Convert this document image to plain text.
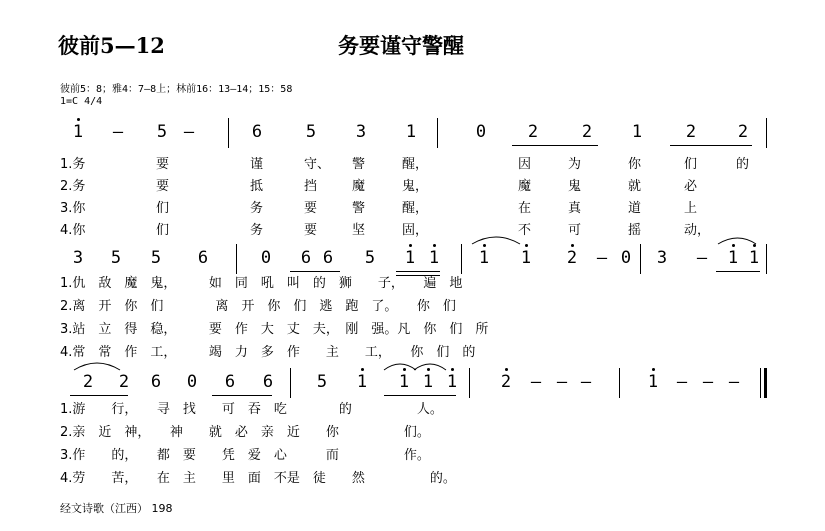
彼前5—12	务要谨守警醒
彼前5：8；雅4：7—8上；林前16：13—14；15：58
1=C 4/4
1 – 5 –	6	5 3 1	0 2	2 1	2 2
1.务	要	谨	守、 警	醒，	因	为	你	们	的
2.务	要	抵	挡	魔	鬼，	魔	鬼	就	必
3.你	们	务	要	警	醒，	在	真	道	上
4.你	们	务	要	坚	固，	不	可	摇	动，
1.仇　敌　魔　鬼，　　　如　同　吼　叫　的　狮　　子，　　遍　地
2.离　开　你　们　　　　离　开　你　们　逃　跑　了。　　你　们
3.站　立　得　稳，　　　要　作　大　丈　夫，　刚　强。凡　你　们　所
4.常　常　作　工，　　　竭　力　多　作　　主　　工，　　你　们　的
3 5 5 6	0 6 6 5 1 1 1 1 2 – 0 3 – 1 1
1.游　　行，　　寻　找　　可　吞　吃　　　　的　　　　　人。
2.亲　近　神，　　神　　就　必　亲　近　　你　　　　　们。
3.作　　的，　　都　要　　凭　爱　心　　　而　　　　　作。
4.劳　　苦，　　在　主　　里　面　不是　徒　　然　　　　　的。
2 2 6 0 6 6	5 1 1 1 1	2 – – –	1 – – –
经文诗歌（江西） 198
